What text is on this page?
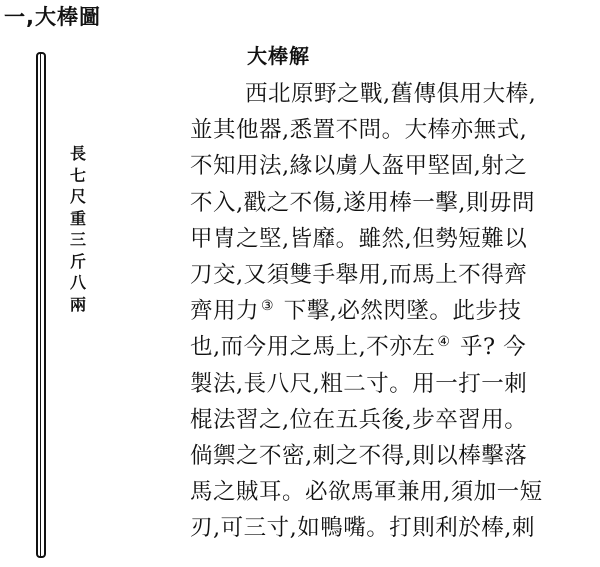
一,大棒圖
長七尺重三斤八兩
大棒解
西北原野之戰,舊傳俱用大棒,
並其他器,悉置不問。大棒亦無式,
不知用法,緣以虜人盔甲堅固,射之
不入,戳之不傷,遂用棒一擊,則毋問
甲冑之堅,皆靡。雖然,但勢短難以
刀交,又須雙手舉用,而馬上不得齊
齊用力 ③ 下擊,必然閃墜。此步技
也,而今用之馬上,不亦左 ④ 乎? 今
製法,長八尺,粗二寸。用一打一刺
棍法習之,位在五兵後,步卒習用。
倘禦之不密,刺之不得,則以棒擊落
馬之賊耳。必欲馬軍兼用,須加一短
刃,可三寸,如鴨嘴。打則利於棒,刺
